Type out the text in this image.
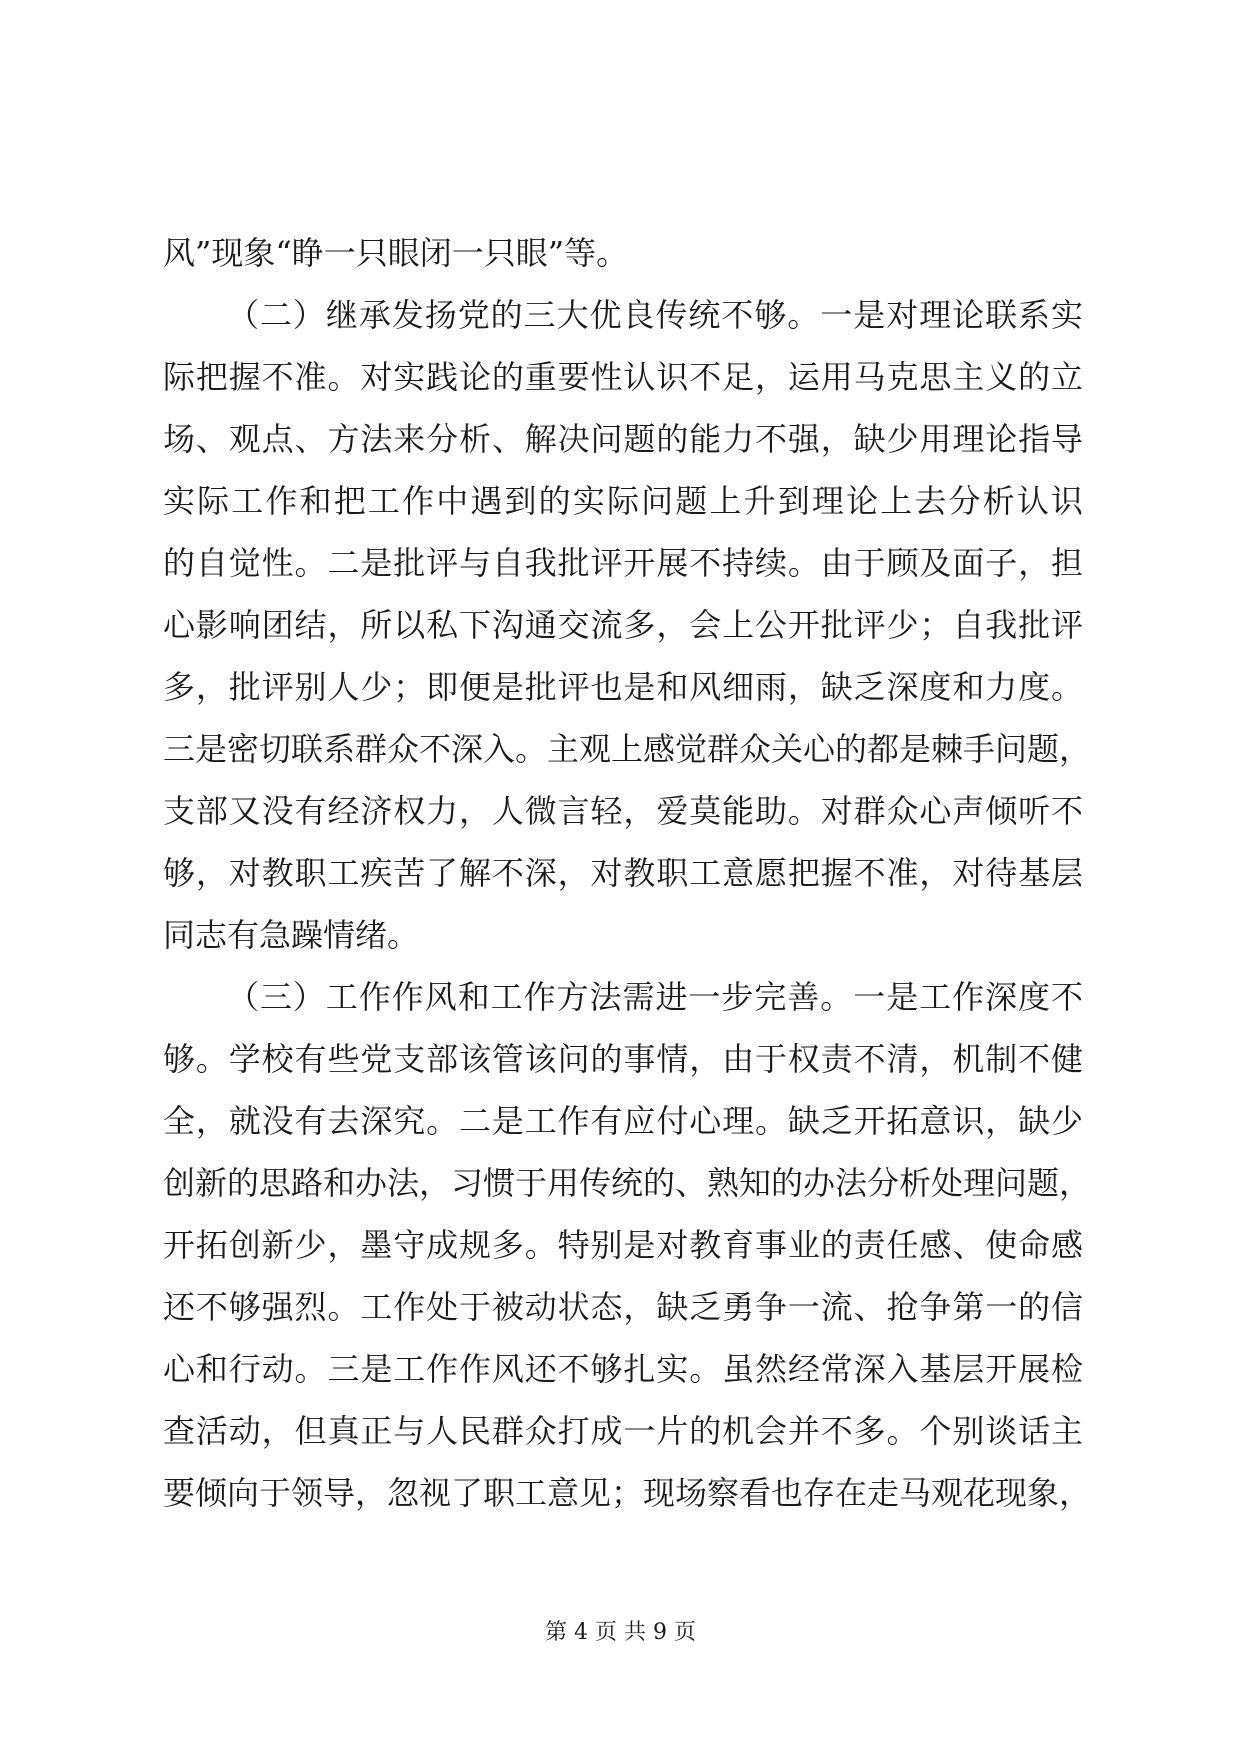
风”现象“睁一只眼闭一只眼”等。
（二）继承发扬党的三大优良传统不够。一是对理论联系实
际把握不准。对实践论的重要性认识不足，运用马克思主义的立
场、观点、方法来分析、解决问题的能力不强，缺少用理论指导
实际工作和把工作中遇到的实际问题上升到理论上去分析认识
的自觉性。二是批评与自我批评开展不持续。由于顾及面子，担
心影响团结，所以私下沟通交流多，会上公开批评少；自我批评
多，批评别人少；即便是批评也是和风细雨，缺乏深度和力度。
三是密切联系群众不深入。主观上感觉群众关心的都是棘手问题，
支部又没有经济权力，人微言轻，爱莫能助。对群众心声倾听不
够，对教职工疾苦了解不深，对教职工意愿把握不准，对待基层
同志有急躁情绪。
（三）工作作风和工作方法需进一步完善。一是工作深度不
够。学校有些党支部该管该问的事情，由于权责不清，机制不健
全，就没有去深究。二是工作有应付心理。缺乏开拓意识，缺少
创新的思路和办法，习惯于用传统的、熟知的办法分析处理问题，
开拓创新少，墨守成规多。特别是对教育事业的责任感、使命感
还不够强烈。工作处于被动状态，缺乏勇争一流、抢争第一的信
心和行动。三是工作作风还不够扎实。虽然经常深入基层开展检
查活动，但真正与人民群众打成一片的机会并不多。个别谈话主
要倾向于领导，忽视了职工意见；现场察看也存在走马观花现象，
第 4 页 共 9 页
